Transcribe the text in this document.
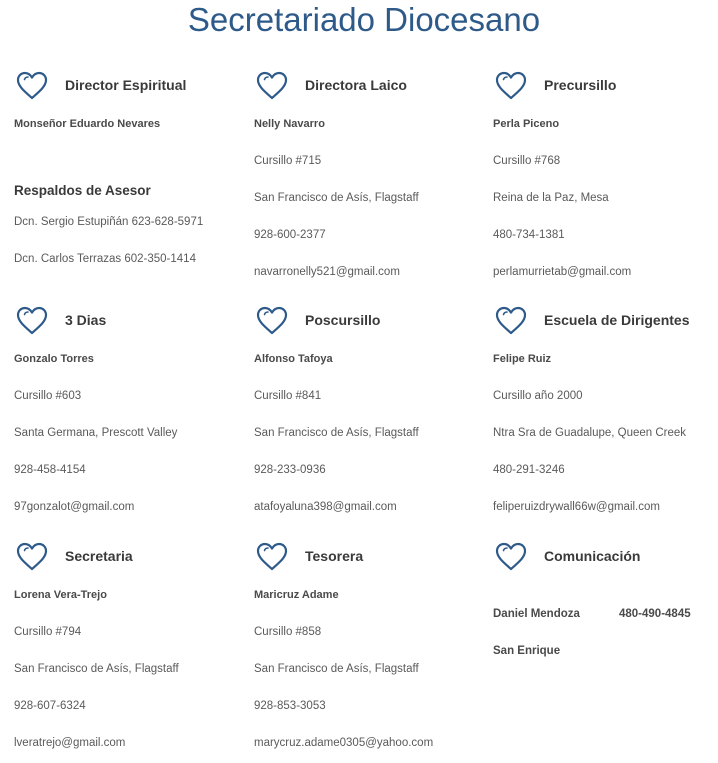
Secretariado Diocesano
Director Espiritual
Monseñor Eduardo Nevares
Respaldos de Asesor
Dcn. Sergio Estupiñán 623-628-5971
Dcn. Carlos Terrazas 602-350-1414
Directora Laico
Nelly Navarro
Cursillo #715
San Francisco de Asís, Flagstaff
928-600-2377
navarronelly521@gmail.com
Precursillo
Perla Piceno
Cursillo #768
Reina de la Paz, Mesa
480-734-1381
perlamurrietab@gmail.com
3 Dias
Gonzalo Torres
Cursillo #603
Santa Germana, Prescott Valley
928-458-4154
97gonzalot@gmail.com
Poscursillo
Alfonso Tafoya
Cursillo #841
San Francisco de Asís, Flagstaff
928-233-0936
atafoyaluna398@gmail.com
Escuela de Dirigentes
Felipe Ruiz
Cursillo año 2000
Ntra Sra de Guadalupe, Queen Creek
480-291-3246
feliperuizdrywall66w@gmail.com
Secretaria
Lorena Vera-Trejo
Cursillo #794
San Francisco de Asís, Flagstaff
928-607-6324
lveratrejo@gmail.com
Tesorera
Maricruz Adame
Cursillo #858
San Francisco de Asís, Flagstaff
928-853-3053
marycruz.adame0305@yahoo.com
Comunicación
Daniel Mendoza	480-490-4845
San Enrique
